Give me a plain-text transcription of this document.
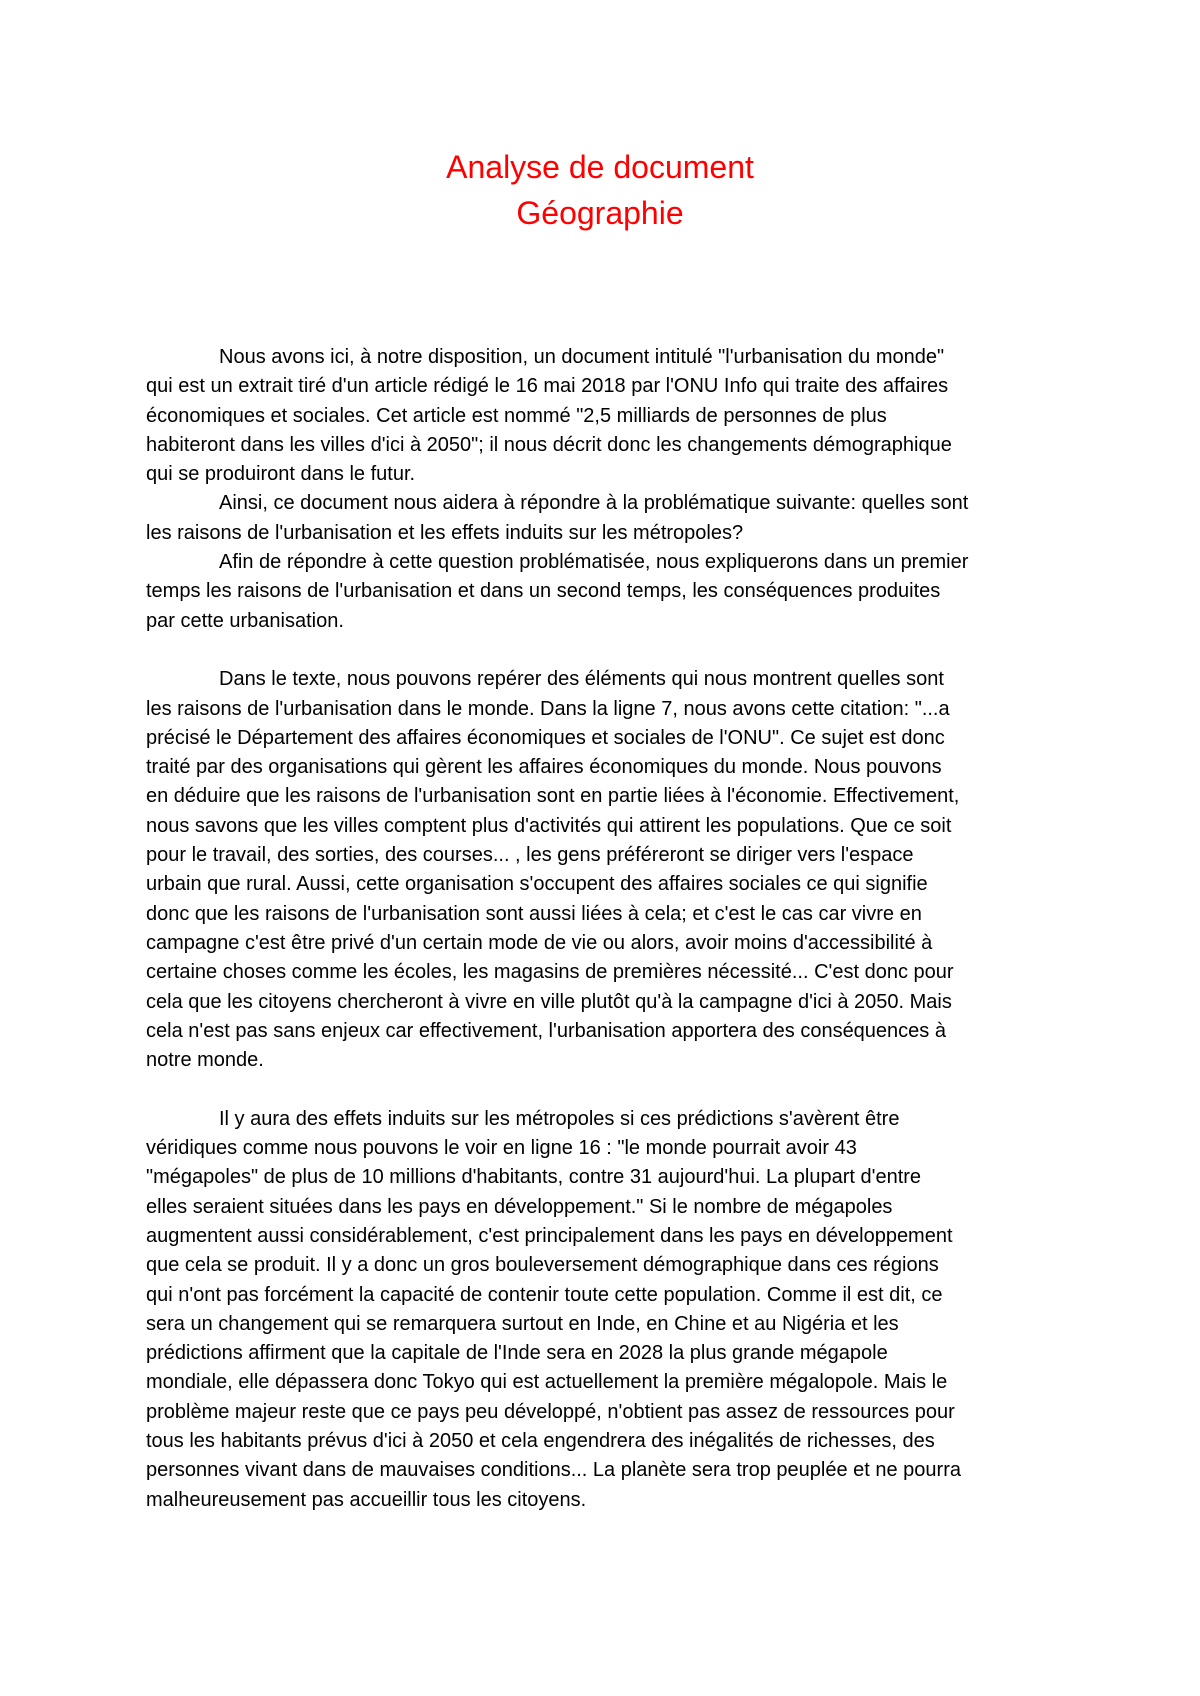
Analyse de document
Géographie

Nous avons ici, à notre disposition, un document intitulé "l'urbanisation du monde"
qui est un extrait tiré d'un article rédigé le 16 mai 2018 par l'ONU Info qui traite des affaires
économiques et sociales. Cet article est nommé "2,5 milliards de personnes de plus
habiteront dans les villes d'ici à 2050"; il nous décrit donc les changements démographique
qui se produiront dans le futur.

Ainsi, ce document nous aidera à répondre à la problématique suivante: quelles sont
les raisons de l'urbanisation et les effets induits sur les métropoles?

Afin de répondre à cette question problématisée, nous expliquerons dans un premier
temps les raisons de l'urbanisation et dans un second temps, les conséquences produites
par cette urbanisation.

Dans le texte, nous pouvons repérer des éléments qui nous montrent quelles sont
les raisons de l'urbanisation dans le monde. Dans la ligne 7, nous avons cette citation: "...a
précisé le Département des affaires économiques et sociales de l'ONU". Ce sujet est donc
traité par des organisations qui gèrent les affaires économiques du monde. Nous pouvons
en déduire que les raisons de l'urbanisation sont en partie liées à l'économie. Effectivement,
nous savons que les villes comptent plus d'activités qui attirent les populations. Que ce soit
pour le travail, des sorties, des courses... , les gens préféreront se diriger vers l'espace
urbain que rural. Aussi, cette organisation s'occupent des affaires sociales ce qui signifie
donc que les raisons de l'urbanisation sont aussi liées à cela; et c'est le cas car vivre en
campagne c'est être privé d'un certain mode de vie ou alors, avoir moins d'accessibilité à
certaine choses comme les écoles, les magasins de premières nécessité... C'est donc pour
cela que les citoyens chercheront à vivre en ville plutôt qu'à la campagne d'ici à 2050. Mais
cela n'est pas sans enjeux car effectivement, l'urbanisation apportera des conséquences à
notre monde.

Il y aura des effets induits sur les métropoles si ces prédictions s'avèrent être
véridiques comme nous pouvons le voir en ligne 16 : "le monde pourrait avoir 43
"mégapoles" de plus de 10 millions d'habitants, contre 31 aujourd'hui. La plupart d'entre
elles seraient situées dans les pays en développement." Si le nombre de mégapoles
augmentent aussi considérablement, c'est principalement dans les pays en développement
que cela se produit. Il y a donc un gros bouleversement démographique dans ces régions
qui n'ont pas forcément la capacité de contenir toute cette population. Comme il est dit, ce
sera un changement qui se remarquera surtout en Inde, en Chine et au Nigéria et les
prédictions affirment que la capitale de l'Inde sera en 2028 la plus grande mégapole
mondiale, elle dépassera donc Tokyo qui est actuellement la première mégalopole. Mais le
problème majeur reste que ce pays peu développé, n'obtient pas assez de ressources pour
tous les habitants prévus d'ici à 2050 et cela engendrera des inégalités de richesses, des
personnes vivant dans de mauvaises conditions... La planète sera trop peuplée et ne pourra
malheureusement pas accueillir tous les citoyens.
